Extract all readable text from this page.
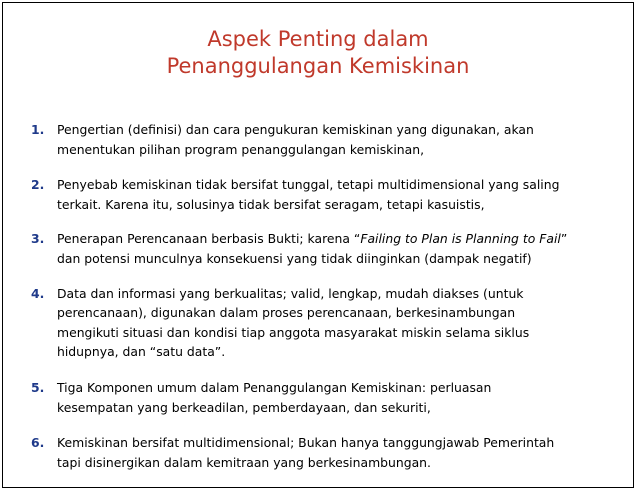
Aspek Penting dalam
Penanggulangan Kemiskinan
1. Pengertian (definisi) dan cara pengukuran kemiskinan yang digunakan, akan
menentukan pilihan program penanggulangan kemiskinan,
2. Penyebab kemiskinan tidak bersifat tunggal, tetapi multidimensional yang saling
terkait. Karena itu, solusinya tidak bersifat seragam, tetapi kasuistis,
3. Penerapan Perencanaan berbasis Bukti; karena “Failing to Plan is Planning to Fail”
dan potensi munculnya konsekuensi yang tidak diinginkan (dampak negatif)
4. Data dan informasi yang berkualitas; valid, lengkap, mudah diakses (untuk
perencanaan), digunakan dalam proses perencanaan, berkesinambungan
mengikuti situasi dan kondisi tiap anggota masyarakat miskin selama siklus
hidupnya, dan “satu data”.
5. Tiga Komponen umum dalam Penanggulangan Kemiskinan: perluasan
kesempatan yang berkeadilan, pemberdayaan, dan sekuriti,
6. Kemiskinan bersifat multidimensional; Bukan hanya tanggungjawab Pemerintah
tapi disinergikan dalam kemitraan yang berkesinambungan.
